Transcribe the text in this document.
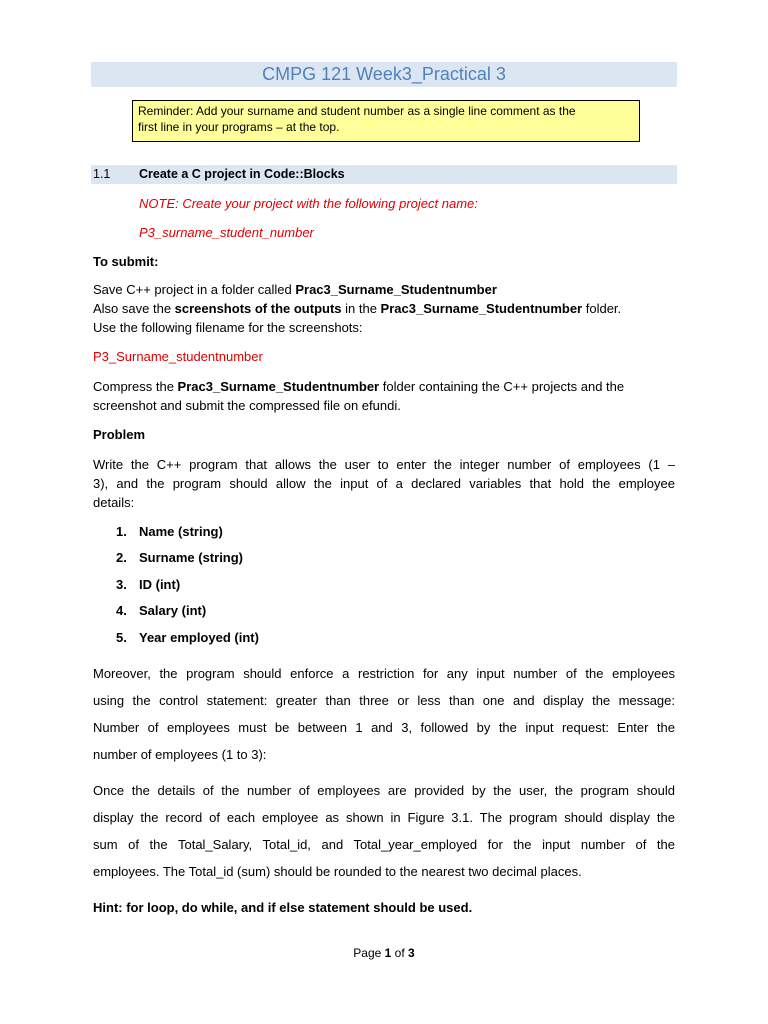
CMPG 121 Week3_Practical 3
Reminder: Add your surname and student number as a single line comment as the
first line in your programs – at the top.
1.1 Create a C project in Code::Blocks
NOTE: Create your project with the following project name:
P3_surname_student_number
To submit:
Save C++ project in a folder called Prac3_Surname_Studentnumber
Also save the screenshots of the outputs in the Prac3_Surname_Studentnumber folder.
Use the following filename for the screenshots:
P3_Surname_studentnumber
Compress the Prac3_Surname_Studentnumber folder containing the C++ projects and the
screenshot and submit the compressed file on efundi.
Problem
Write the C++ program that allows the user to enter the integer number of employees (1 –
3), and the program should allow the input of a declared variables that hold the employee
details:
1. Name (string)
2. Surname (string)
3. ID (int)
4. Salary (int)
5. Year employed (int)
Moreover, the program should enforce a restriction for any input number of the employees
using the control statement: greater than three or less than one and display the message:
Number of employees must be between 1 and 3, followed by the input request: Enter the
number of employees (1 to 3):
Once the details of the number of employees are provided by the user, the program should
display the record of each employee as shown in Figure 3.1. The program should display the
sum of the Total_Salary, Total_id, and Total_year_employed for the input number of the
employees. The Total_id (sum) should be rounded to the nearest two decimal places.
Hint: for loop, do while, and if else statement should be used.
Page 1 of 3
